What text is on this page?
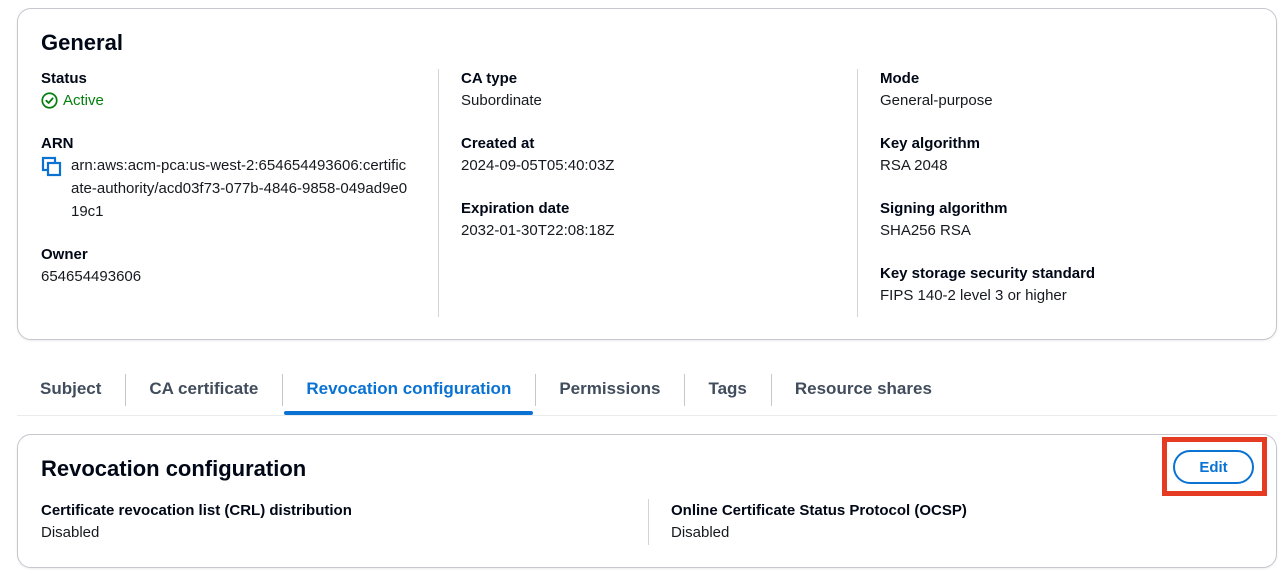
General
Status
Active
ARN
arn:aws:acm-pca:us-west-2:654654493606:certificate-authority/acd03f73-077b-4846-9858-049ad9e019c1
Owner
654654493606
CA type
Subordinate
Created at
2024-09-05T05:40:03Z
Expiration date
2032-01-30T22:08:18Z
Mode
General-purpose
Key algorithm
RSA 2048
Signing algorithm
SHA256 RSA
Key storage security standard
FIPS 140-2 level 3 or higher
Subject	CA certificate	Revocation configuration	Permissions	Tags	Resource shares
Revocation configuration
Certificate revocation list (CRL) distribution
Disabled
Online Certificate Status Protocol (OCSP)
Disabled
Edit
